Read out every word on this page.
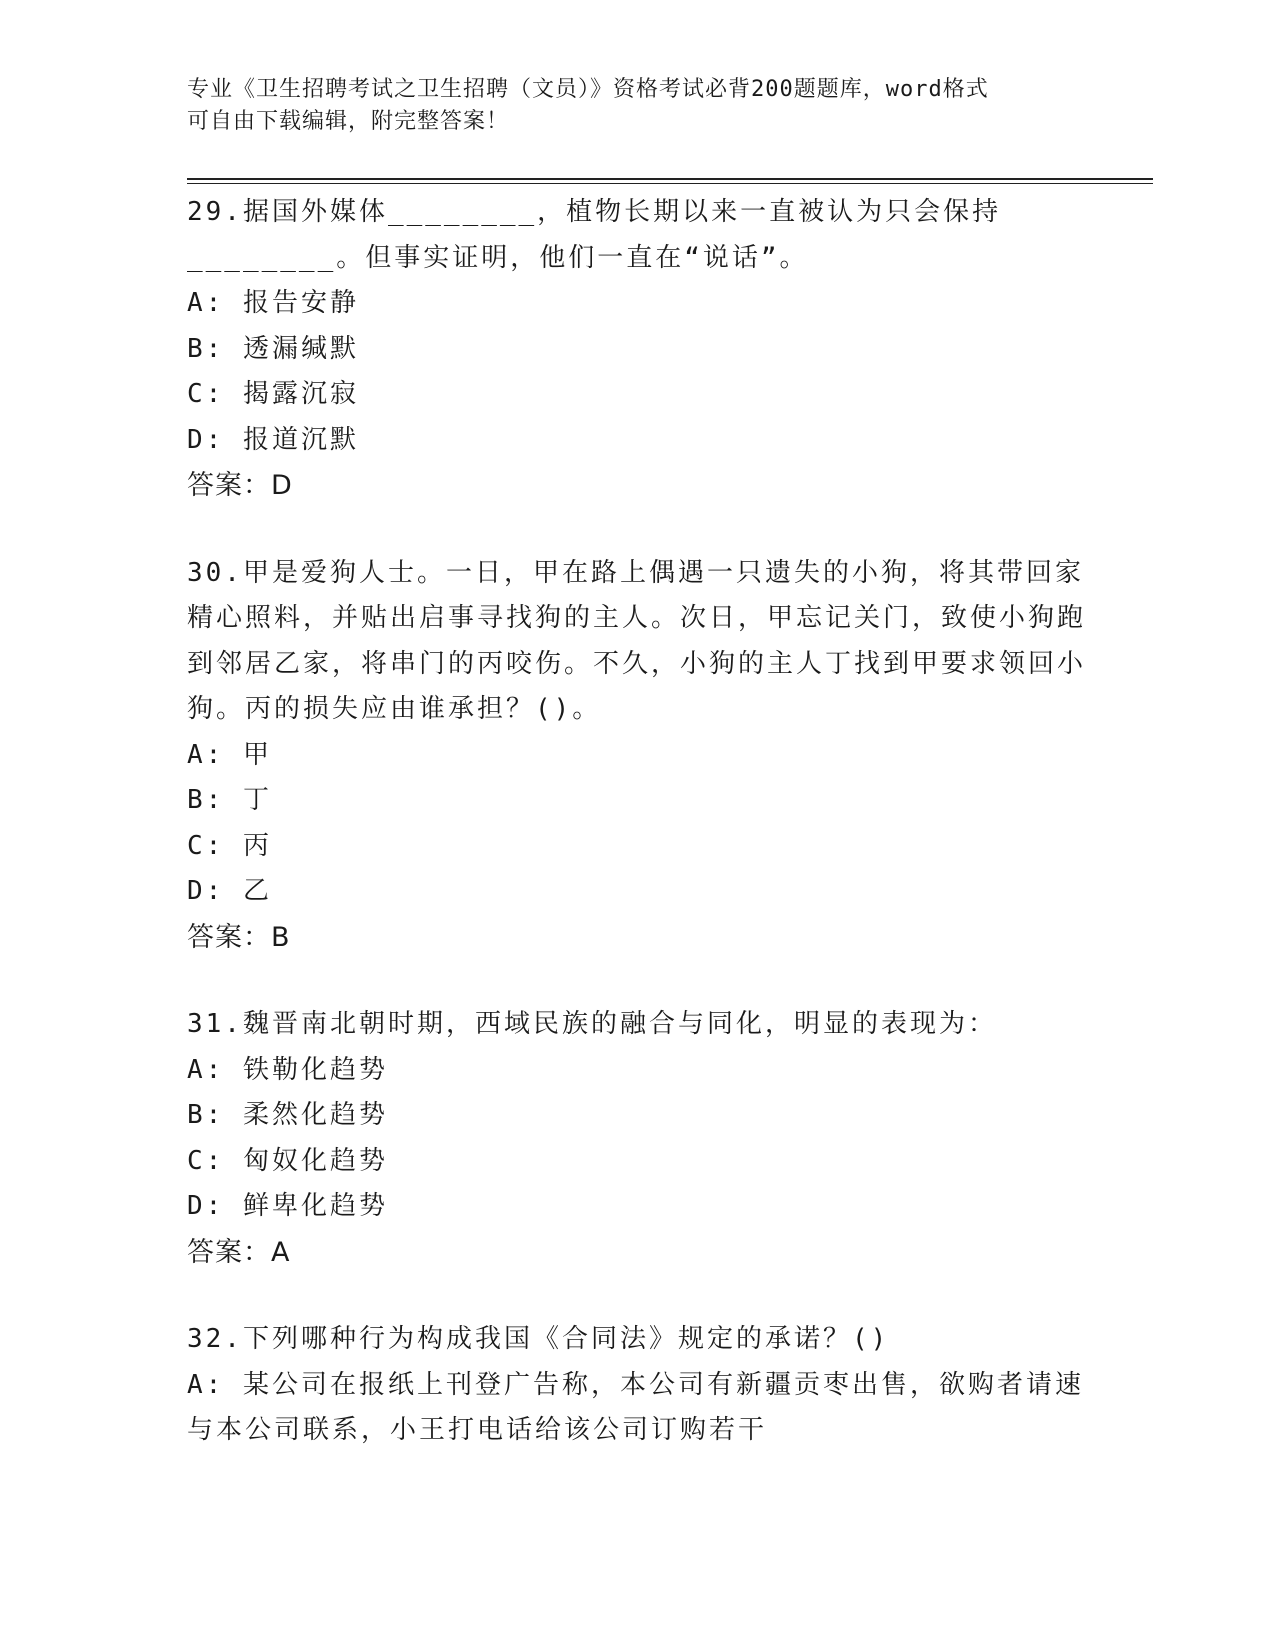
专业《卫生招聘考试之卫生招聘（文员）》资格考试必背200题题库，word格式
可自由下载编辑，附完整答案！

29.据国外媒体________，植物长期以来一直被认为只会保持________。但事实证明，他们一直在“说话”。

A: 报告安静

B: 透漏缄默

C: 揭露沉寂

D: 报道沉默

答案：D

30.甲是爱狗人士。一日，甲在路上偶遇一只遗失的小狗，将其带回家精心照料，并贴出启事寻找狗的主人。次日，甲忘记关门，致使小狗跑到邻居乙家，将串门的丙咬伤。不久，小狗的主人丁找到甲要求领回小狗。丙的损失应由谁承担？()。

A: 甲

B: 丁

C: 丙

D: 乙

答案：B

31.魏晋南北朝时期，西域民族的融合与同化，明显的表现为：

A: 铁勒化趋势

B: 柔然化趋势

C: 匈奴化趋势

D: 鲜卑化趋势

答案：A

32.下列哪种行为构成我国《合同法》规定的承诺？()

A: 某公司在报纸上刊登广告称，本公司有新疆贡枣出售，欲购者请速与本公司联系，小王打电话给该公司订购若干
